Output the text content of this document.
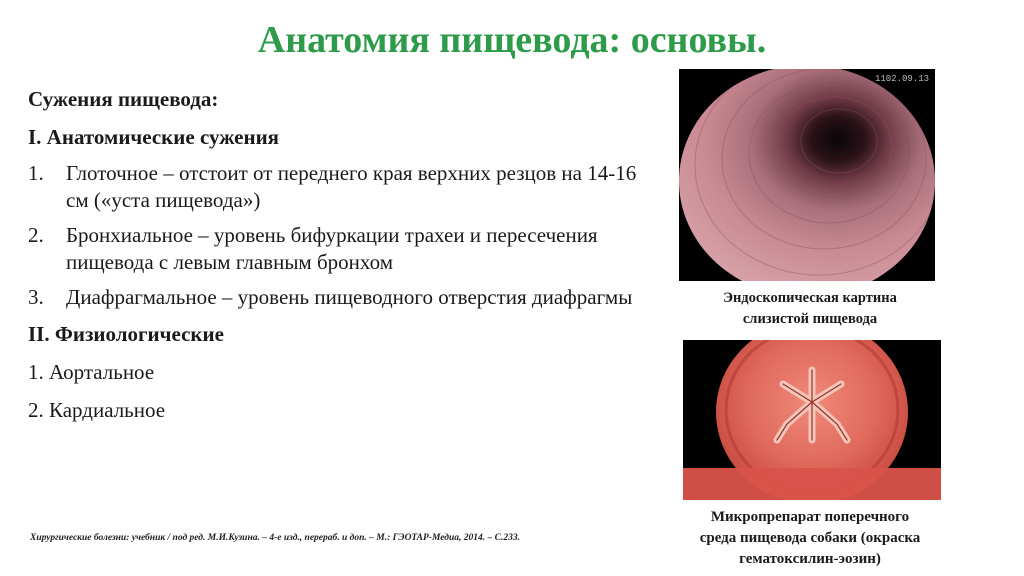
Анатомия пищевода: основы.
Сужения пищевода:
I. Анатомические сужения
1. Глоточное – отстоит от переднего края верхних резцов на 14-16 см («уста пищевода»)
2. Бронхиальное – уровень бифуркации трахеи и пересечения пищевода с левым главным бронхом
3. Диафрагмальное – уровень пищеводного отверстия диафрагмы
II. Физиологические
1. Аортальное
2. Кардиальное
Хирургические болезни: учебник / под ред. М.И.Кузина. – 4-е изд., перераб. и доп. – М.: ГЭОТАР-Медиа, 2014. – С.233.
1102.09.13
Эндоскопическая картина
слизистой пищевода
Микропрепарат поперечного
среда пищевода собаки (окраска
гематоксилин-эозин)
